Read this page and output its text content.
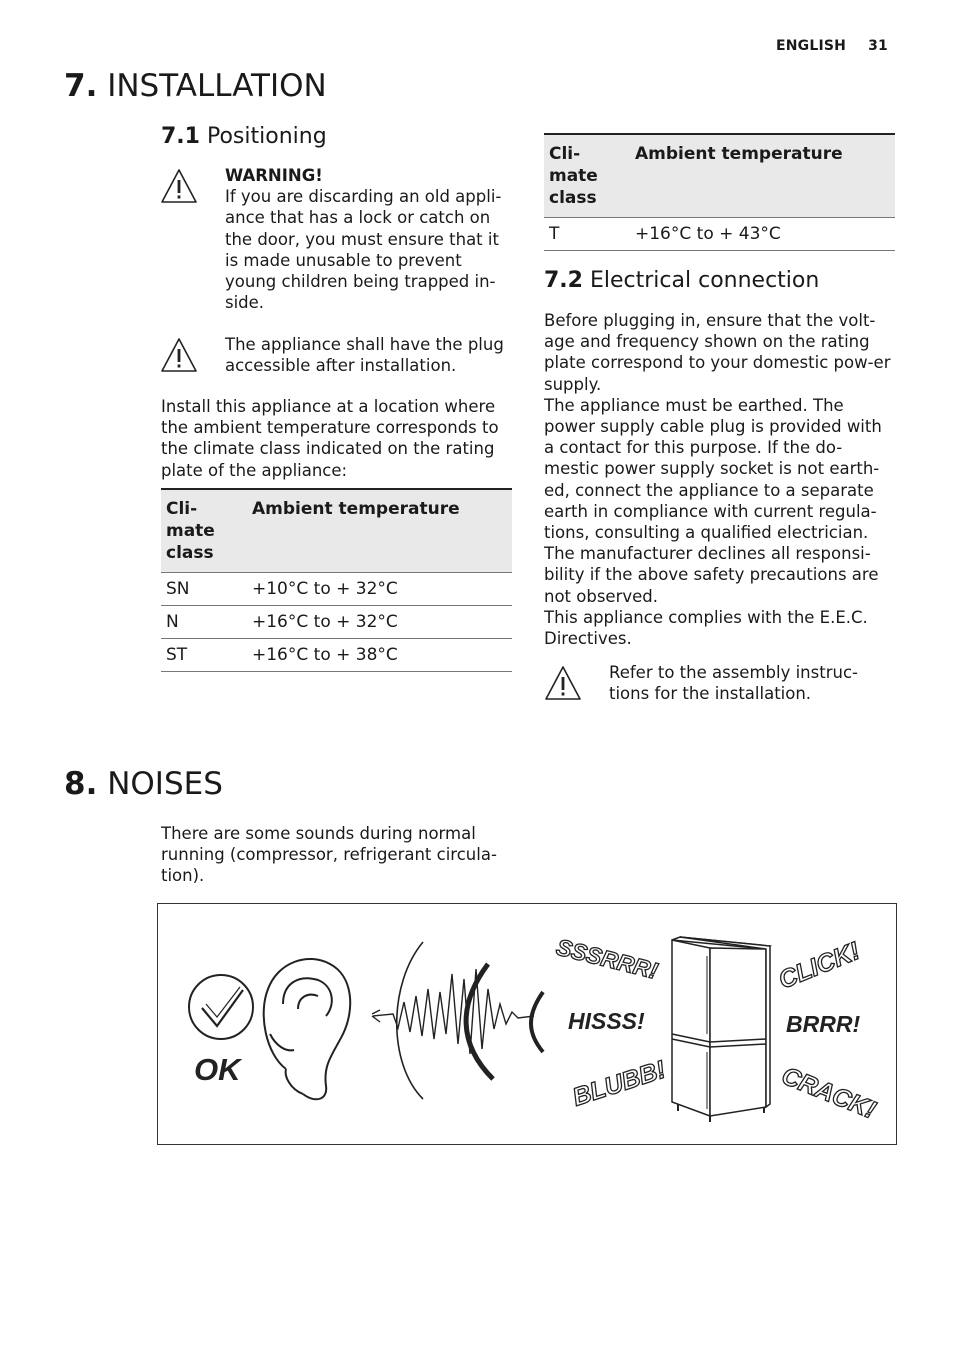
ENGLISH 31
7. INSTALLATION
7.1 Positioning

WARNING!

If you are discarding an old appli-ance that has a lock or catch on the door, you must ensure that it is made unusable to prevent young children being trapped in-side.

The appliance shall have the plug accessible after installation.
Install this appliance at a location where the ambient temperature corresponds to the climate class indicated on the rating plate of the appliance:
Cli-mate class	Ambient temperature
SN	+10°C to + 32°C
N	+16°C to + 32°C
ST	+16°C to + 38°C
Cli-mate class	Ambient temperature
T	+16°C to + 43°C
7.2 Electrical connection

Before plugging in, ensure that the volt-age and frequency shown on the rating plate correspond to your domestic pow-er supply.

The appliance must be earthed. The power supply cable plug is provided with a contact for this purpose. If the do-mestic power supply socket is not earth-ed, connect the appliance to a separate earth in compliance with current regula-tions, consulting a qualified electrician.

The manufacturer declines all responsi-bility if the above safety precautions are not observed.

This appliance complies with the E.E.C. Directives.

Refer to the assembly instruc-tions for the installation.
8. NOISES
There are some sounds during normal running (compressor, refrigerant circula-tion).
OK
SSSRRR!
HISSS!
BLUBB!
CLICK!
BRRR!
CRACK!
